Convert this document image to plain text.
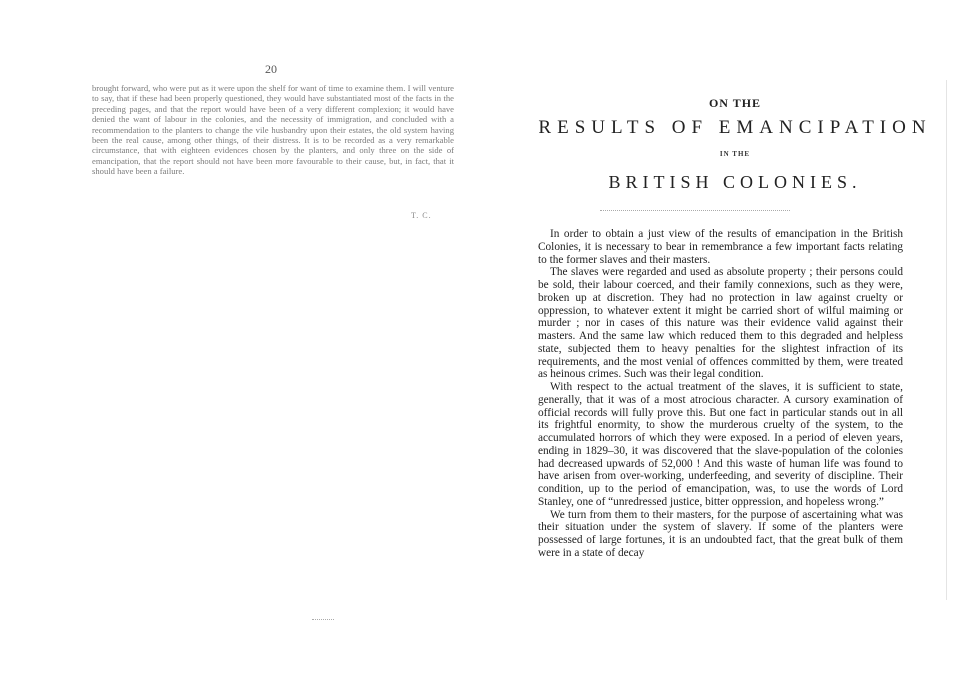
20

brought forward, who were put as it were upon the shelf for want of time to examine them. I will venture to say, that if these had been properly questioned, they would have substantiated most of the facts in the preceding pages, and that the report would have been of a very different complexion; it would have denied the want of labour in the colonies, and the necessity of immigration, and concluded with a recommendation to the planters to change the vile husbandry upon their estates, the old system having been the real cause, among other things, of their distress. It is to be recorded as a very remarkable circumstance, that with eighteen evidences chosen by the planters, and only three on the side of emancipation, that the report should not have been more favourable to their cause, but, in fact, that it should have been a failure.

T. C.
ON THE
RESULTS OF EMANCIPATION
IN THE
BRITISH COLONIES.

In order to obtain a just view of the results of emancipation in the British Colonies, it is necessary to bear in remembrance a few important facts relating to the former slaves and their masters.

The slaves were regarded and used as absolute property ; their persons could be sold, their labour coerced, and their family connexions, such as they were, broken up at discretion. They had no protection in law against cruelty or oppression, to whatever extent it might be carried short of wilful maiming or murder ; nor in cases of this nature was their evidence valid against their masters. And the same law which reduced them to this degraded and helpless state, subjected them to heavy penalties for the slightest infraction of its requirements, and the most venial of offences committed by them, were treated as heinous crimes. Such was their legal condition.

With respect to the actual treatment of the slaves, it is sufficient to state, generally, that it was of a most atrocious character. A cursory examination of official records will fully prove this. But one fact in particular stands out in all its frightful enormity, to show the murderous cruelty of the system, to the accumulated horrors of which they were exposed. In a period of eleven years, ending in 1829–30, it was discovered that the slave-population of the colonies had decreased upwards of 52,000 ! And this waste of human life was found to have arisen from over-working, underfeeding, and severity of discipline. Their condition, up to the period of emancipation, was, to use the words of Lord Stanley, one of “unredressed justice, bitter oppression, and hopeless wrong.”

We turn from them to their masters, for the purpose of ascertaining what was their situation under the system of slavery. If some of the planters were possessed of large fortunes, it is an undoubted fact, that the great bulk of them were in a state of decay
